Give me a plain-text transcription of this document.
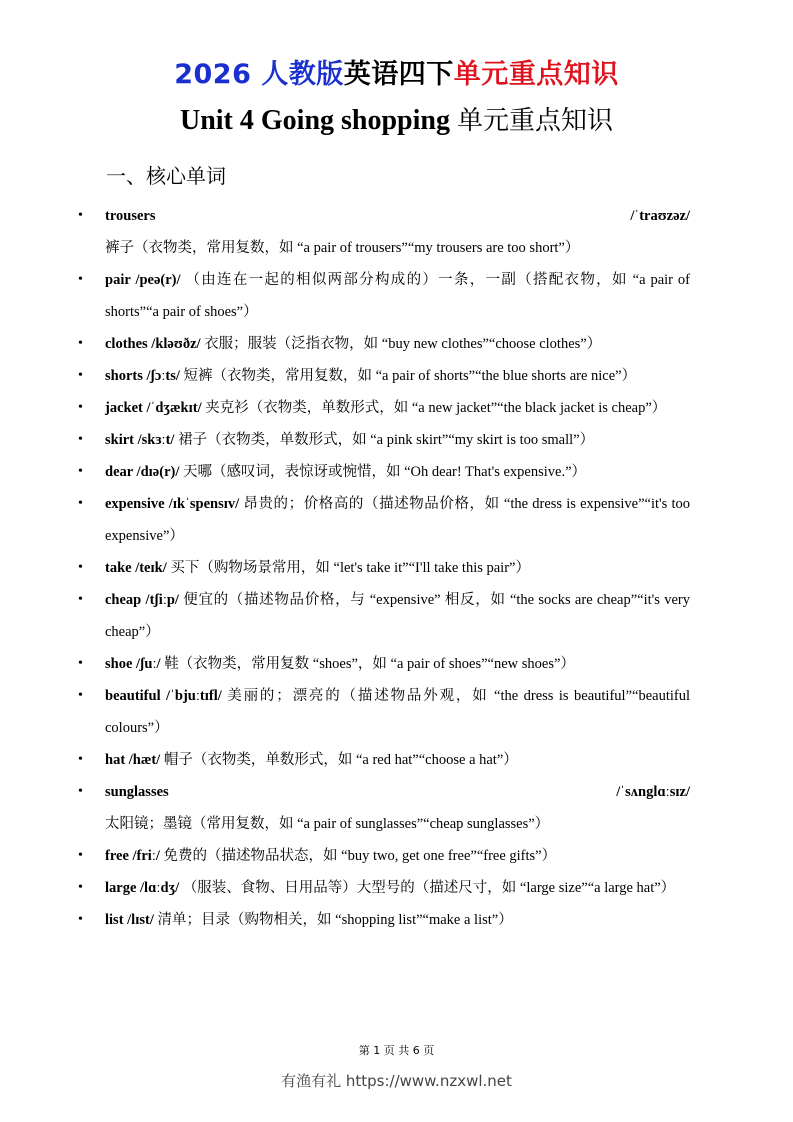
2026 人教版英语四下单元重点知识
Unit 4 Going shopping 单元重点知识
一、核心单词
• trousers /ˈtraʊzəz/ 裤子（衣物类，常用复数，如 “a pair of trousers”“my trousers are too short”）
• pair /peə(r)/ （由连在一起的相似两部分构成的）一条，一副（搭配衣物，如 “a pair of shorts”“a pair of shoes”）
• clothes /kləʊðz/ 衣服；服装（泛指衣物，如 “buy new clothes”“choose clothes”）
• shorts /ʃɔːts/ 短裤（衣物类，常用复数，如 “a pair of shorts”“the blue shorts are nice”）
• jacket /ˈdʒækɪt/ 夹克衫（衣物类，单数形式，如 “a new jacket”“the black jacket is cheap”）
• skirt /skɜːt/ 裙子（衣物类，单数形式，如 “a pink skirt”“my skirt is too small”）
• dear /dɪə(r)/ 天哪（感叹词，表惊讶或惋惜，如 “Oh dear! That's expensive.”）
• expensive /ɪkˈspensɪv/ 昂贵的；价格高的（描述物品价格，如 “the dress is expensive”“it's too expensive”）
• take /teɪk/ 买下（购物场景常用，如 “let's take it”“I'll take this pair”）
• cheap /tʃiːp/ 便宜的（描述物品价格，与 “expensive” 相反，如 “the socks are cheap”“it's very cheap”）
• shoe /ʃuː/ 鞋（衣物类，常用复数 “shoes”，如 “a pair of shoes”“new shoes”）
• beautiful /ˈbjuːtɪfl/ 美丽的；漂亮的（描述物品外观，如 “the dress is beautiful”“beautiful colours”）
• hat /hæt/ 帽子（衣物类，单数形式，如 “a red hat”“choose a hat”）
• sunglasses /ˈsʌnglɑːsɪz/ 太阳镜；墨镜（常用复数，如 “a pair of sunglasses”“cheap sunglasses”）
• free /friː/ 免费的（描述物品状态，如 “buy two, get one free”“free gifts”）
• large /lɑːdʒ/ （服装、食物、日用品等）大型号的（描述尺寸，如 “large size”“a large hat”）
• list /lɪst/ 清单；目录（购物相关，如 “shopping list”“make a list”）
第 1 页 共 6 页
有渔有礼 https://www.nzxwl.net
